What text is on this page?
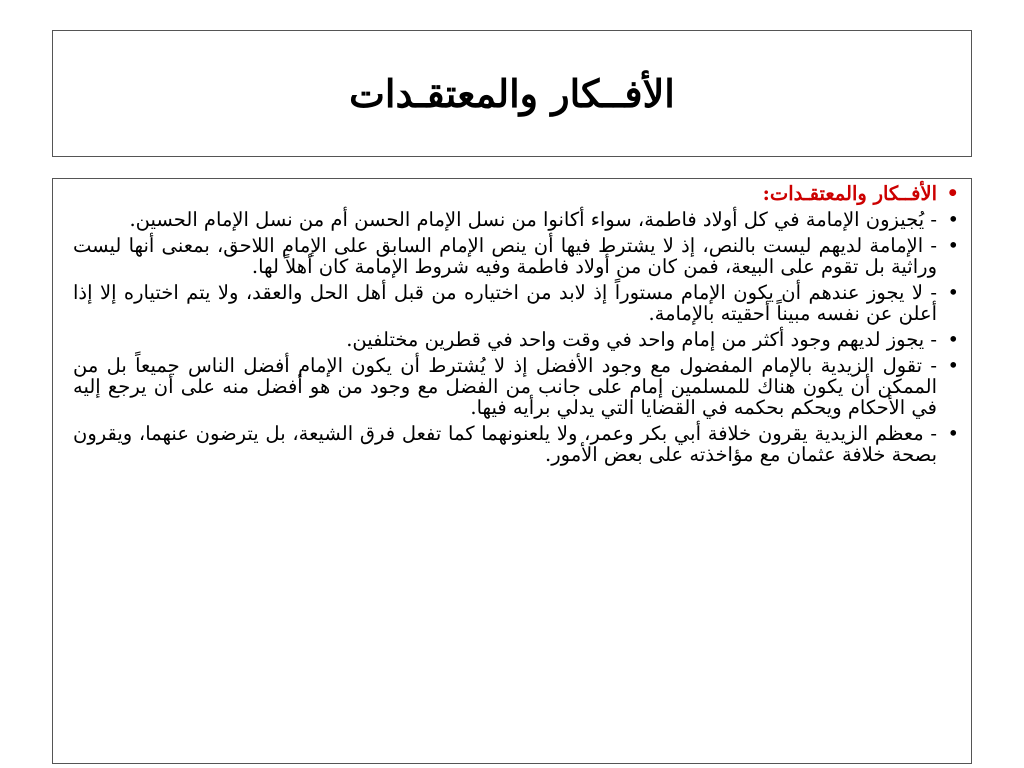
الأفــكار والمعتقـدات
• الأفــكار والمعتقـدات:
• - يُجيزون الإمامة في كل أولاد فاطمة، سواء أكانوا من نسل الإمام الحسن أم من نسل الإمام الحسين.
• - الإمامة لديهم ليست بالنص، إذ لا يشترط فيها أن ينص الإمام السابق على الإمام اللاحق، بمعنى أنها ليست وراثية بل تقوم على البيعة، فمن كان من أولاد فاطمة وفيه شروط الإمامة كان أهلاً لها.
• - لا يجوز عندهم أن يكون الإمام مستوراً إذ لابد من اختياره من قبل أهل الحل والعقد، ولا يتم اختياره إلا إذا أعلن عن نفسه مبيناً أحقيته بالإمامة.
• - يجوز لديهم وجود أكثر من إمام واحد في وقت واحد في قطرين مختلفين.
• - تقول الزيدية بالإمام المفضول مع وجود الأفضل إذ لا يُشترط أن يكون الإمام أفضل الناس جميعاً بل من الممكن أن يكون هناك للمسلمين إمام على جانب من الفضل مع وجود من هو أفضل منه على أن يرجع إليه في الأحكام ويحكم بحكمه في القضايا التي يدلي برأيه فيها.
• - معظم الزيدية يقرون خلافة أبي بكر وعمر، ولا يلعنونهما كما تفعل فرق الشيعة، بل يترضون عنهما، ويقرون بصحة خلافة عثمان مع مؤاخذته على بعض الأمور.
